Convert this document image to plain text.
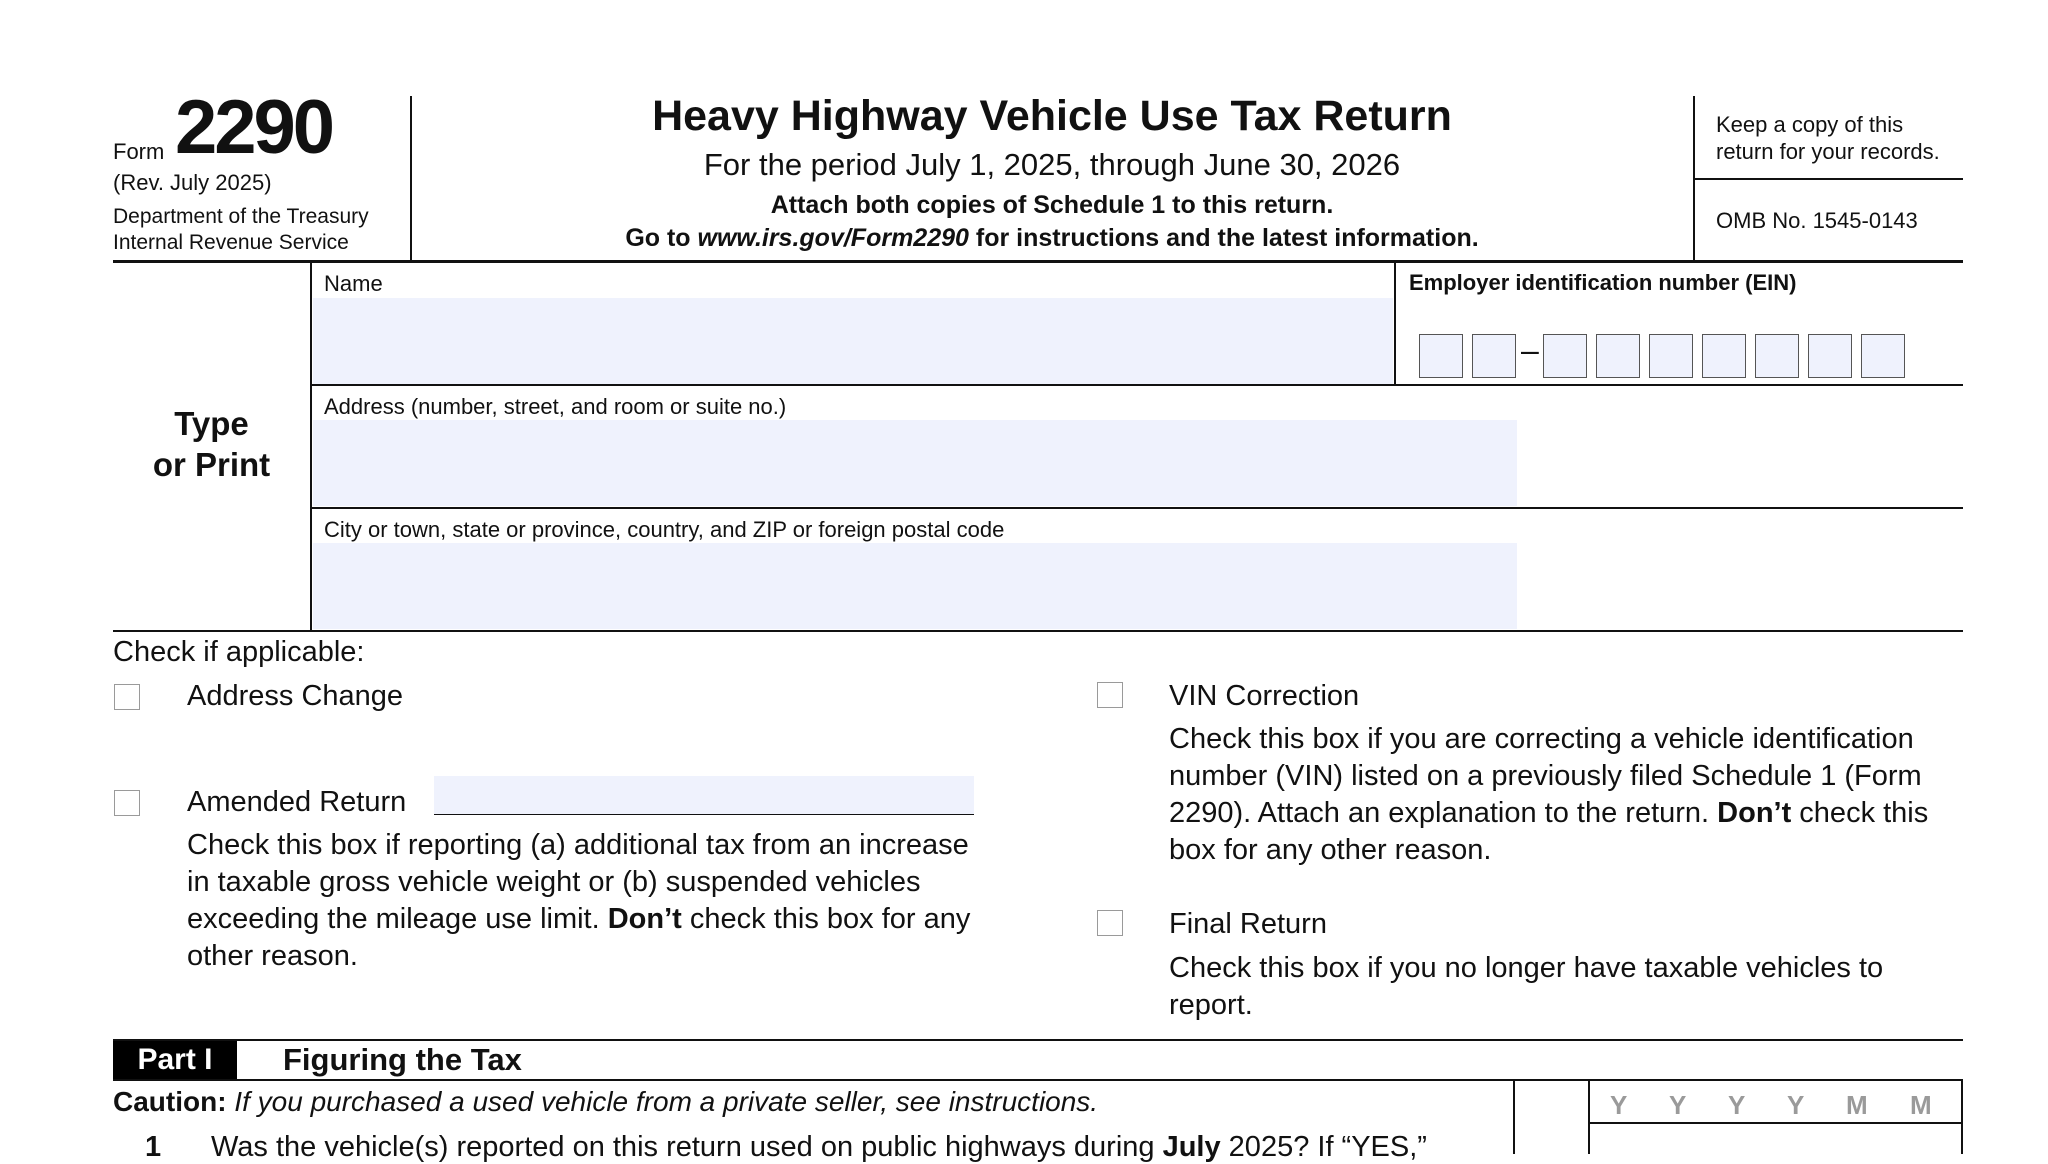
Form 2290
(Rev. July 2025)
Department of the Treasury
Internal Revenue Service
Heavy Highway Vehicle Use Tax Return
For the period July 1, 2025, through June 30, 2026
Attach both copies of Schedule 1 to this return.
Go to www.irs.gov/Form2290 for instructions and the latest information.
Keep a copy of this return for your records.
OMB No. 1545-0143
Type
or Print
Name	Employer identification number (EIN)
–
Address (number, street, and room or suite no.)
City or town, state or province, country, and ZIP or foreign postal code
Check if applicable:
Address Change
Amended Return
Check this box if reporting (a) additional tax from an increase in taxable gross vehicle weight or (b) suspended vehicles exceeding the mileage use limit. Don’t check this box for any other reason.
VIN Correction
Check this box if you are correcting a vehicle identification number (VIN) listed on a previously filed Schedule 1 (Form 2290). Attach an explanation to the return. Don’t check this box for any other reason.
Final Return
Check this box if you no longer have taxable vehicles to report.
Part I	Figuring the Tax
Caution: If you purchased a used vehicle from a private seller, see instructions.	Y Y Y Y M M
1 Was the vehicle(s) reported on this return used on public highways during July 2025? If “YES,”
